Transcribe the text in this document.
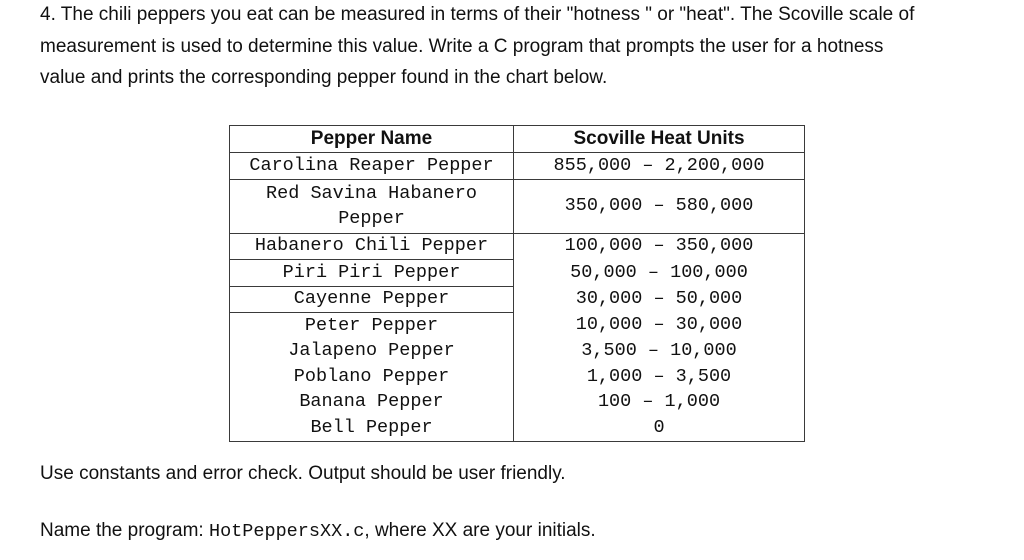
4. The chili peppers you eat can be measured in terms of their "hotness " or "heat". The Scoville scale of
measurement is used to determine this value. Write a C program that prompts the user for a hotness
value and prints the corresponding pepper found in the chart below.

Pepper Name	Scoville Heat Units
Carolina Reaper Pepper	855,000 – 2,200,000
Red Savina Habanero
Pepper	350,000 – 580,000
Habanero Chili Pepper	100,000 – 350,000
Piri Piri Pepper	50,000 – 100,000
Cayenne Pepper	30,000 – 50,000
Peter Pepper	10,000 – 30,000
Jalapeno Pepper	3,500 – 10,000
Poblano Pepper	1,000 – 3,500
Banana Pepper	100 – 1,000
Bell Pepper	0

Use constants and error check. Output should be user friendly.

Name the program: HotPeppersXX.c, where XX are your initials.
